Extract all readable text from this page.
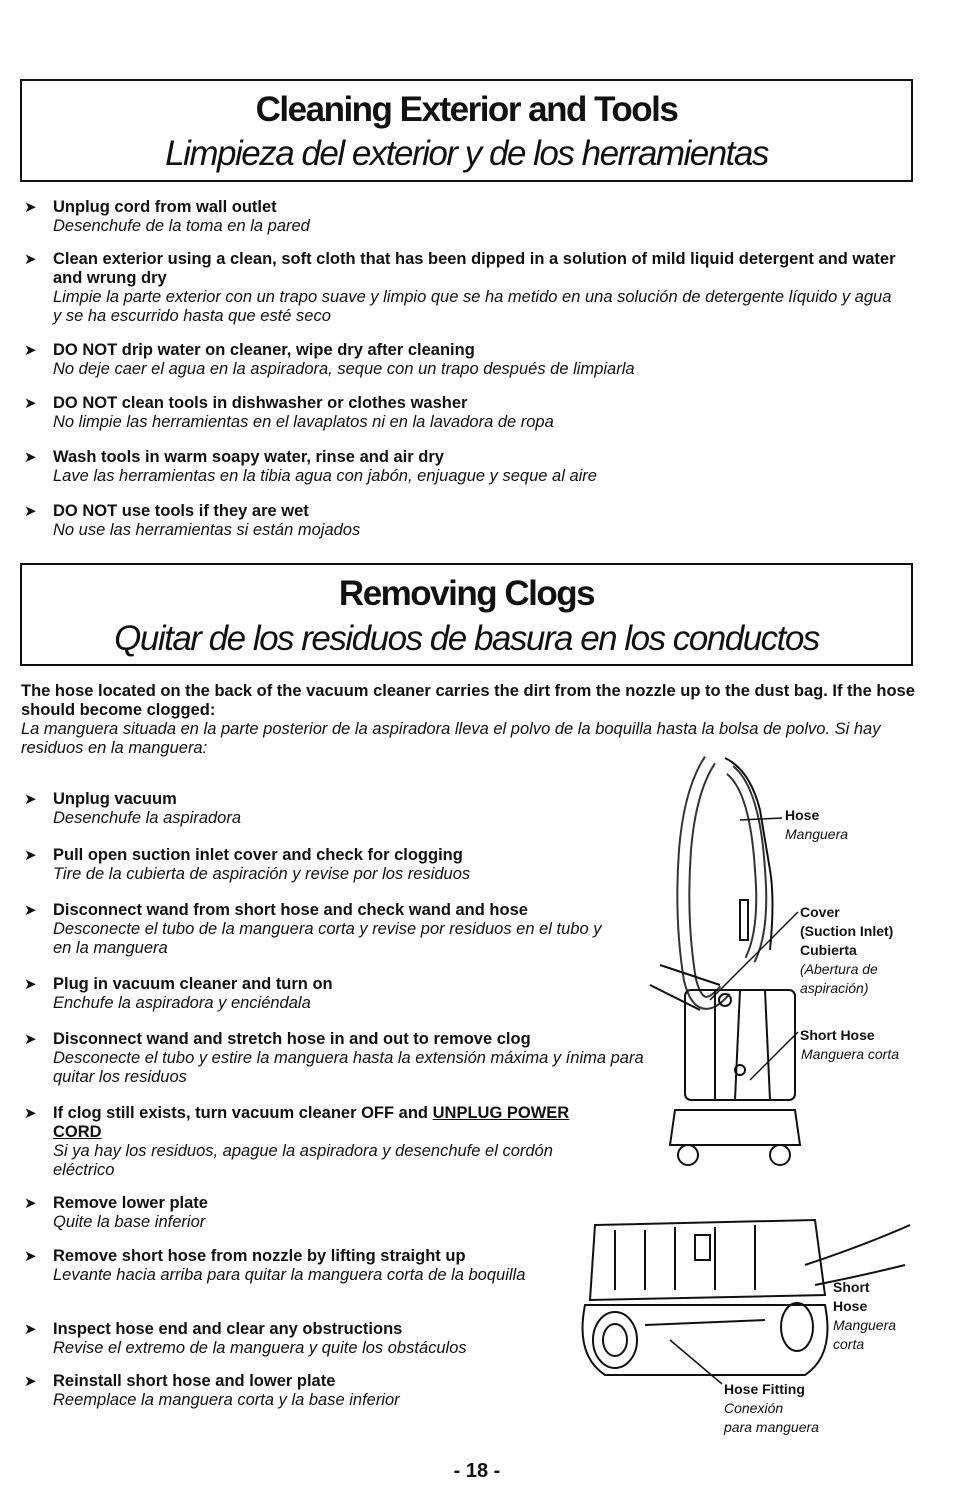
Cleaning Exterior and Tools
Limpieza del exterior y de los herramientas
➤ Unplug cord from wall outlet
Desenchufe de la toma en la pared
➤ Clean exterior using a clean, soft cloth that has been dipped in a solution of mild liquid detergent and water and wrung dry
Limpie la parte exterior con un trapo suave y limpio que se ha metido en una solución de detergente líquido y agua y se ha escurrido hasta que esté seco
➤ DO NOT drip water on cleaner, wipe dry after cleaning
No deje caer el agua en la aspiradora, seque con un trapo después de limpiarla
➤ DO NOT clean tools in dishwasher or clothes washer
No limpie las herramientas en el lavaplatos ni en la lavadora de ropa
➤ Wash tools in warm soapy water, rinse and air dry
Lave las herramientas en la tibia agua con jabón, enjuague y seque al aire
➤ DO NOT use tools if they are wet
No use las herramientas si están mojados
Removing Clogs
Quitar de los residuos de basura en los conductos
The hose located on the back of the vacuum cleaner carries the dirt from the nozzle up to the dust bag. If the hose should become clogged:
La manguera situada en la parte posterior de la aspiradora lleva el polvo de la boquilla hasta la bolsa de polvo. Si hay residuos en la manguera:
➤ Unplug vacuum
Desenchufe la aspiradora
➤ Pull open suction inlet cover and check for clogging
Tire de la cubierta de aspiración y revise por los residuos
➤ Disconnect wand from short hose and check wand and hose
Desconecte el tubo de la manguera corta y revise por residuos en el tubo y en la manguera
➤ Plug in vacuum cleaner and turn on
Enchufe la aspiradora y enciéndala
➤ Disconnect wand and stretch hose in and out to remove clog
Desconecte el tubo y estire la manguera hasta la extensión máxima y ínima para quitar los residuos
➤ If clog still exists, turn vacuum cleaner OFF and UNPLUG POWER CORD
Si ya hay los residuos, apague la aspiradora y desenchufe el cordón eléctrico
➤ Remove lower plate
Quite la base inferior
➤ Remove short hose from nozzle by lifting straight up
Levante hacia arriba para quitar la manguera corta de la boquilla
➤ Inspect hose end and clear any obstructions
Revise el extremo de la manguera y quite los obstáculos
➤ Reinstall short hose and lower plate
Reemplace la manguera corta y la base inferior
Hose
Manguera
Cover
(Suction Inlet)
Cubierta
(Abertura de aspiración)
Short Hose
Manguera corta
Short
Hose
Manguera
corta
Hose Fitting
Conexión
para manguera
- 18 -
